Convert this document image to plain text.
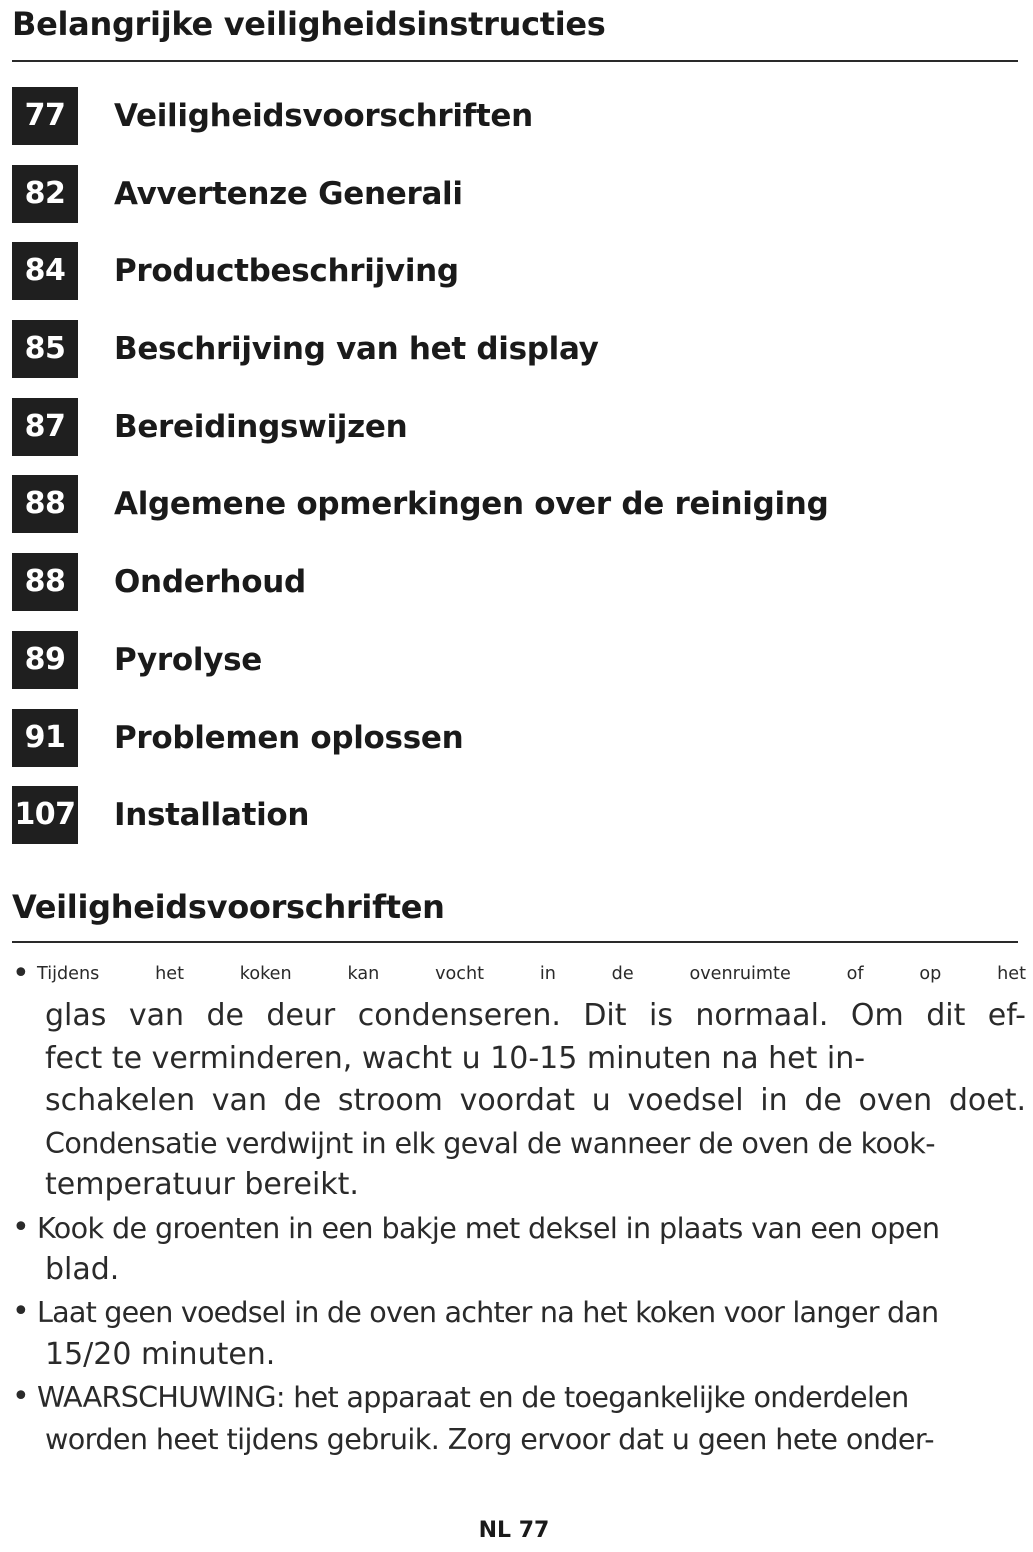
Belangrijke veiligheidsinstructies
77	Veiligheidsvoorschriften
82	Avvertenze Generali
84	Productbeschrijving
85	Beschrijving van het display
87	Bereidingswijzen
88	Algemene opmerkingen over de reiniging
88	Onderhoud
89	Pyrolyse
91	Problemen oplossen
107 Installation
Veiligheidsvoorschriften
• Tijdens het koken kan vocht in de ovenruimte of op het
glas van de deur condenseren. Dit is normaal. Om dit ef-
fect te verminderen, wacht u 10-15 minuten na het in-
schakelen van de stroom voordat u voedsel in de oven doet.
Condensatie verdwijnt in elk geval de wanneer de oven de kook-
temperatuur bereikt.
• Kook de groenten in een bakje met deksel in plaats van een open
blad.
• Laat geen voedsel in de oven achter na het koken voor langer dan
15/20 minuten.
• WAARSCHUWING: het apparaat en de toegankelijke onderdelen
worden heet tijdens gebruik. Zorg ervoor dat u geen hete onder-
NL 77
